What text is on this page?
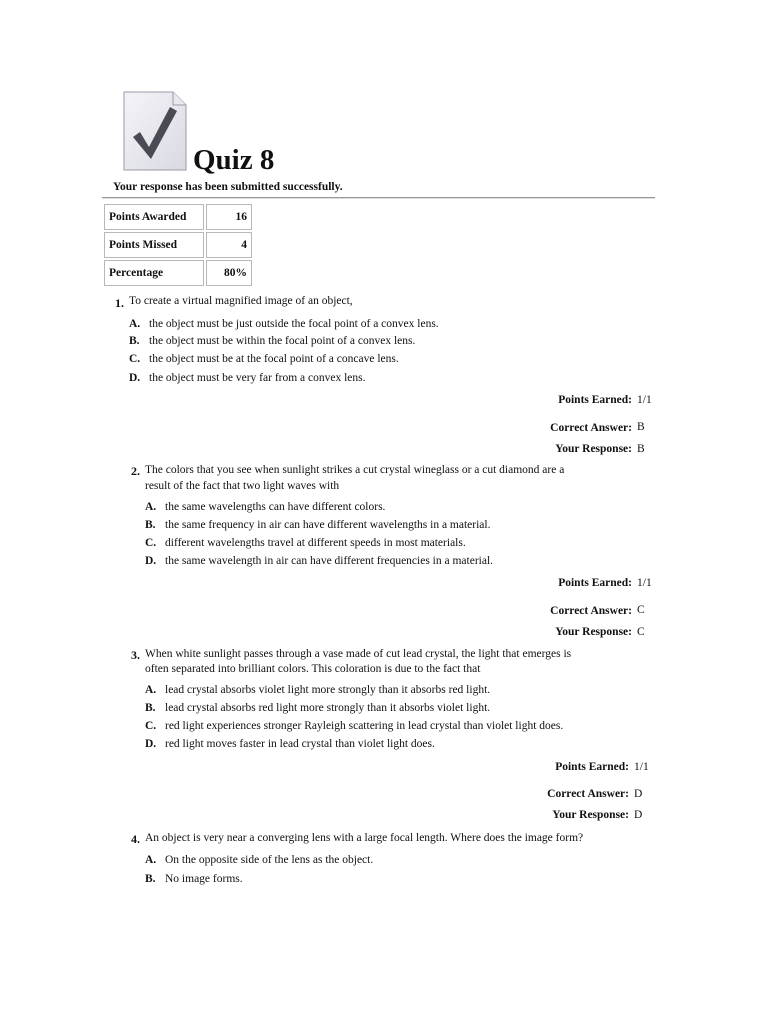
Quiz 8
Your response has been submitted successfully.
Points Awarded	16
Points Missed	4
Percentage	80%
1. To create a virtual magnified image of an object,
A. the object must be just outside the focal point of a convex lens.
B. the object must be within the focal point of a convex lens.
C. the object must be at the focal point of a concave lens.
D. the object must be very far from a convex lens.
Points Earned: 1/1
Correct Answer: B
Your Response: B
2. The colors that you see when sunlight strikes a cut crystal wineglass or a cut diamond are a
result of the fact that two light waves with
A. the same wavelengths can have different colors.
B. the same frequency in air can have different wavelengths in a material.
C. different wavelengths travel at different speeds in most materials.
D. the same wavelength in air can have different frequencies in a material.
Points Earned: 1/1
Correct Answer: C
Your Response: C
3. When white sunlight passes through a vase made of cut lead crystal, the light that emerges is
often separated into brilliant colors. This coloration is due to the fact that
A. lead crystal absorbs violet light more strongly than it absorbs red light.
B. lead crystal absorbs red light more strongly than it absorbs violet light.
C. red light experiences stronger Rayleigh scattering in lead crystal than violet light does.
D. red light moves faster in lead crystal than violet light does.
Points Earned: 1/1
Correct Answer: D
Your Response: D
4. An object is very near a converging lens with a large focal length. Where does the image form?
A. On the opposite side of the lens as the object.
B. No image forms.
